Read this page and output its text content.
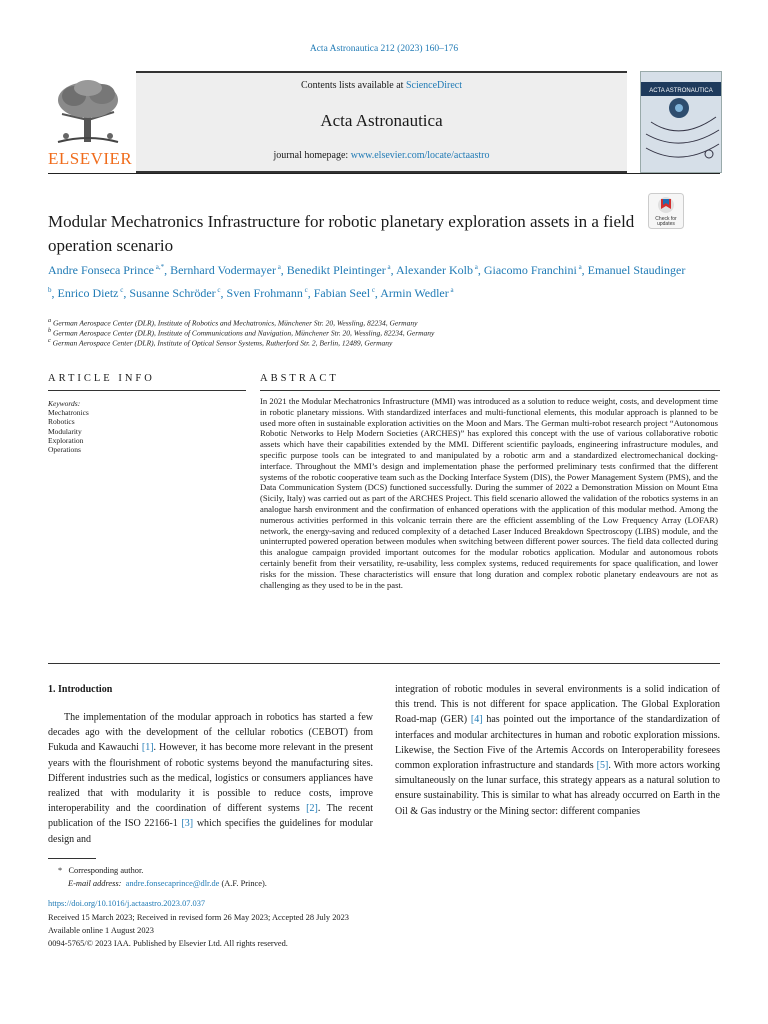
Acta Astronautica 212 (2023) 160–176
Contents lists available at ScienceDirect
Acta Astronautica
journal homepage: www.elsevier.com/locate/actaastro
ELSEVIER
ACTA ASTRONAUTICA
Check for
updates
Modular Mechatronics Infrastructure for robotic planetary exploration assets in a field operation scenario
Andre Fonseca Prince $^{a,*}$, Bernhard Vodermayer $^a$, Benedikt Pleintinger $^a$, Alexander Kolb $^a$, Giacomo Franchini $^a$, Emanuel Staudinger $^b$, Enrico Dietz $^c$, Susanne Schröder $^c$, Sven Frohmann $^c$, Fabian Seel $^c$, Armin Wedler $^a$
$^a$ German Aerospace Center (DLR), Institute of Robotics and Mechatronics, Münchener Str. 20, Wessling, 82234, Germany
$^b$ German Aerospace Center (DLR), Institute of Communications and Navigation, Münchener Str. 20, Wessling, 82234, Germany
$^c$ German Aerospace Center (DLR), Institute of Optical Sensor Systems, Rutherford Str. 2, Berlin, 12489, Germany
ARTICLE INFO	ABSTRACT
Keywords:
Mechatronics
Robotics
Modularity
Exploration
Operations
In 2021 the Modular Mechatronics Infrastructure (MMI) was introduced as a solution to reduce weight, costs, and development time in robotic planetary missions. With standardized interfaces and multi-functional elements, this modular approach is planned to be used more often in sustainable exploration activities on the Moon and Mars. The German multi-robot research project “Autonomous Robotic Networks to Help Modern Societies (ARCHES)” has explored this concept with the use of various collaborative robotic assets which have their capabilities extended by the MMI. Different scientific payloads, engineering infrastructure modules, and specific purpose tools can be integrated to and manipulated by a robotic arm and a standardized electromechanical docking-interface. Throughout the MMI’s design and implementation phase the performed preliminary tests confirmed that the different systems of the robotic cooperative team such as the Docking Interface System (DIS), the Power Management System (PMS), and the Data Communication System (DCS) functioned successfully. During the summer of 2022 a Demonstration Mission on Mount Etna (Sicily, Italy) was carried out as part of the ARCHES Project. This field scenario allowed the validation of the robotics systems in an analogue harsh environment and the confirmation of enhanced operations with the application of this modular method. Among the numerous activities performed in this volcanic terrain there are the efficient assembling of the Low Frequency Array (LOFAR) network, the energy-saving and reduced complexity of a detached Laser Induced Breakdown Spectroscopy (LIBS) module, and the uninterrupted powered operation between modules when switching between different power sources. The field data collected during this analogue campaign provided important outcomes for the modular robotics application. Modular and autonomous robots certainly benefit from their versatility, re-usability, less complex systems, reduced requirements for space qualification, and lower risks for the mission. These characteristics will ensure that long duration and complex robotic planetary endeavours are not as challenging as they used to be in the past.
1. Introduction
The implementation of the modular approach in robotics has started a few decades ago with the development of the cellular robotics (CEBOT) from Fukuda and Kawauchi [1]. However, it has become more relevant in the present years with the flourishment of robotic systems beyond the manufacturing sites. Different industries such as the medical, logistics or consumers appliances have realized that with modularity it is possible to reduce costs, improve interoperability and the coordination of different systems [2]. The recent publication of the ISO 22166-1 [3] which specifies the guidelines for modular design and
integration of robotic modules in several environments is a solid indication of this trend. This is not different for space application. The Global Exploration Road-map (GER) [4] has pointed out the importance of the standardization of interfaces and modular architectures in human and robotic exploration missions. Likewise, the Section Five of the Artemis Accords on Interoperability foresees common exploration infrastructure and standards [5]. With more actors working simultaneously on the lunar surface, this strategy appears as a natural solution to ensure sustainability. This is similar to what has already occurred on Earth in the Oil & Gas industry or the Mining sector: different companies
* Corresponding author.
E-mail address: andre.fonsecaprince@dlr.de (A.F. Prince).
https://doi.org/10.1016/j.actaastro.2023.07.037
Received 15 March 2023; Received in revised form 26 May 2023; Accepted 28 July 2023
Available online 1 August 2023
0094-5765/© 2023 IAA. Published by Elsevier Ltd. All rights reserved.
